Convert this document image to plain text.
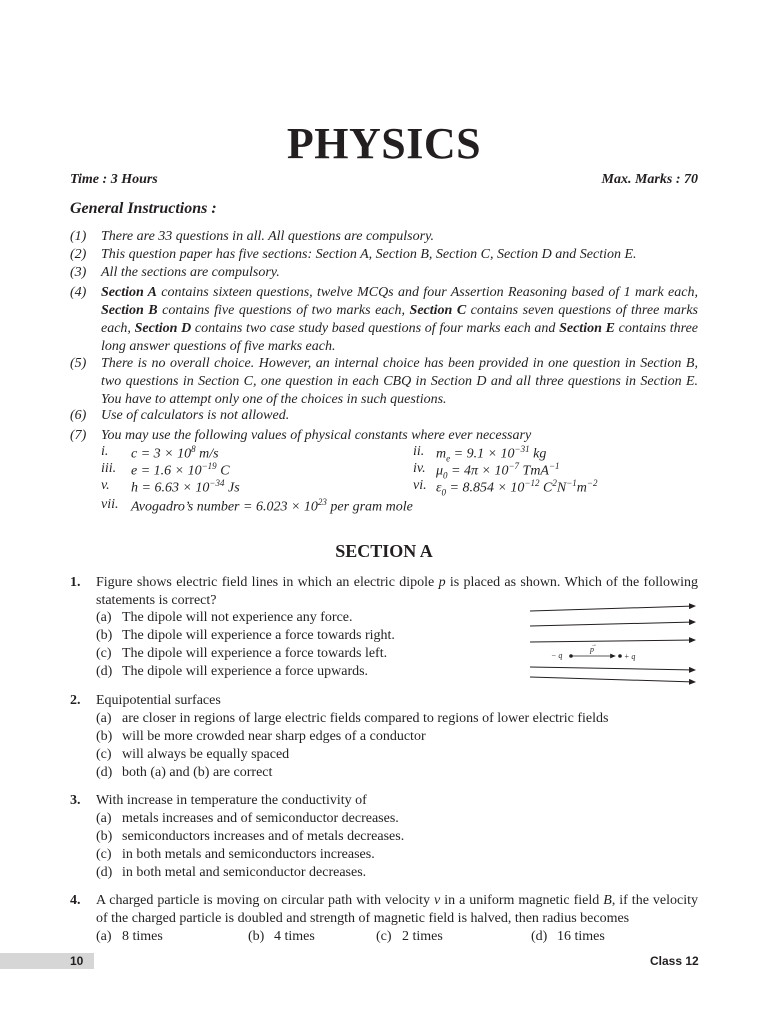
PHYSICS
Time : 3 Hours	Max. Marks : 70
General Instructions :
(1) There are 33 questions in all. All questions are compulsory.
(2) This question paper has five sections: Section A, Section B, Section C, Section D and Section E.
(3) All the sections are compulsory.
(4) Section A contains sixteen questions, twelve MCQs and four Assertion Reasoning based of 1 mark each, Section B contains five questions of two marks each, Section C contains seven questions of three marks each, Section D contains two case study based questions of four marks each and Section E contains three long answer questions of five marks each.
(5) There is no overall choice. However, an internal choice has been provided in one question in Section B, two questions in Section C, one question in each CBQ in Section D and all three questions in Section E. You have to attempt only one of the choices in such questions.
(6) Use of calculators is not allowed.
(7) You may use the following values of physical constants where ever necessary
i. $c = 3 \times 10^8$ m/s	ii. $m_e = 9.1 \times 10^{-31}$ kg
iii. $e = 1.6 \times 10^{-19}$ C	iv. $\mu_0 = 4\pi \times 10^{-7}$ TmA$^{-1}$
v. $h = 6.63 \times 10^{-34}$ Js	vi. $\varepsilon_0 = 8.854 \times 10^{-12}$ $C^2N^{-1}m^{-2}$
vii. Avogadro’s number = $6.023 \times 10^{23}$ per gram mole
SECTION A
1. Figure shows electric field lines in which an electric dipole p is placed as shown. Which of the following statements is correct?
(a) The dipole will not experience any force.
(b) The dipole will experience a force towards right.
(c) The dipole will experience a force towards left.
(d) The dipole will experience a force upwards.
− q
p
→
+ q
2. Equipotential surfaces
(a) are closer in regions of large electric fields compared to regions of lower electric fields
(b) will be more crowded near sharp edges of a conductor
(c) will always be equally spaced
(d) both (a) and (b) are correct
3. With increase in temperature the conductivity of
(a) metals increases and of semiconductor decreases.
(b) semiconductors increases and of metals decreases.
(c) in both metals and semiconductors increases.
(d) in both metal and semiconductor decreases.
4. A charged particle is moving on circular path with velocity v in a uniform magnetic field B, if the velocity of the charged particle is doubled and strength of magnetic field is halved, then radius becomes
(a) 8 times	(b) 4 times	(c) 2 times	(d) 16 times
10	Class 12
